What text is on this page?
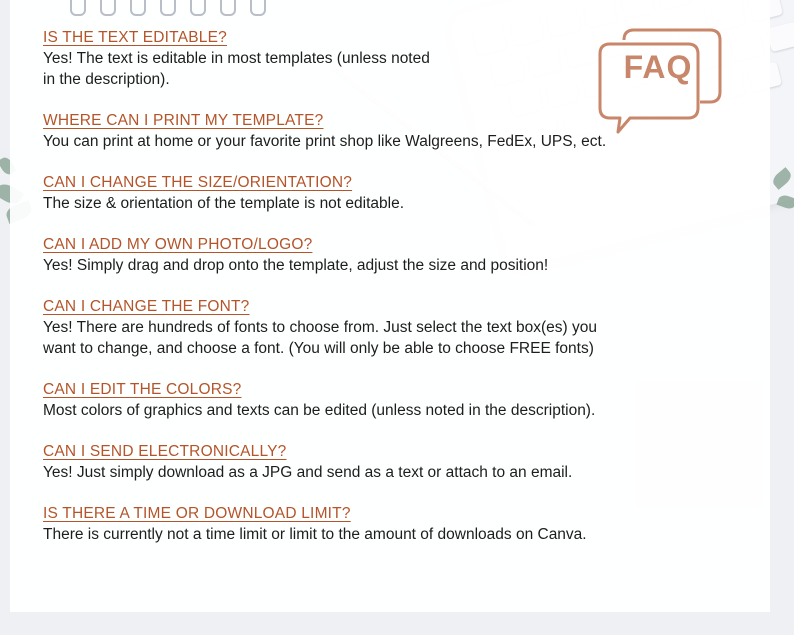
FAQ
IS THE TEXT EDITABLE?
Yes! The text is editable in most templates (unless noted
in the description).
WHERE CAN I PRINT MY TEMPLATE?
You can print at home or your favorite print shop like Walgreens, FedEx, UPS, ect.
CAN I CHANGE THE SIZE/ORIENTATION?
The size & orientation of the template is not editable.
CAN I ADD MY OWN PHOTO/LOGO?
Yes! Simply drag and drop onto the template, adjust the size and position!
CAN I CHANGE THE FONT?
Yes! There are hundreds of fonts to choose from. Just select the text box(es) you
want to change, and choose a font. (You will only be able to choose FREE fonts)
CAN I EDIT THE COLORS?
Most colors of graphics and texts can be edited (unless noted in the description).
CAN I SEND ELECTRONICALLY?
Yes! Just simply download as a JPG and send as a text or attach to an email.
IS THERE A TIME OR DOWNLOAD LIMIT?
There is currently not a time limit or limit to the amount of downloads on Canva.
